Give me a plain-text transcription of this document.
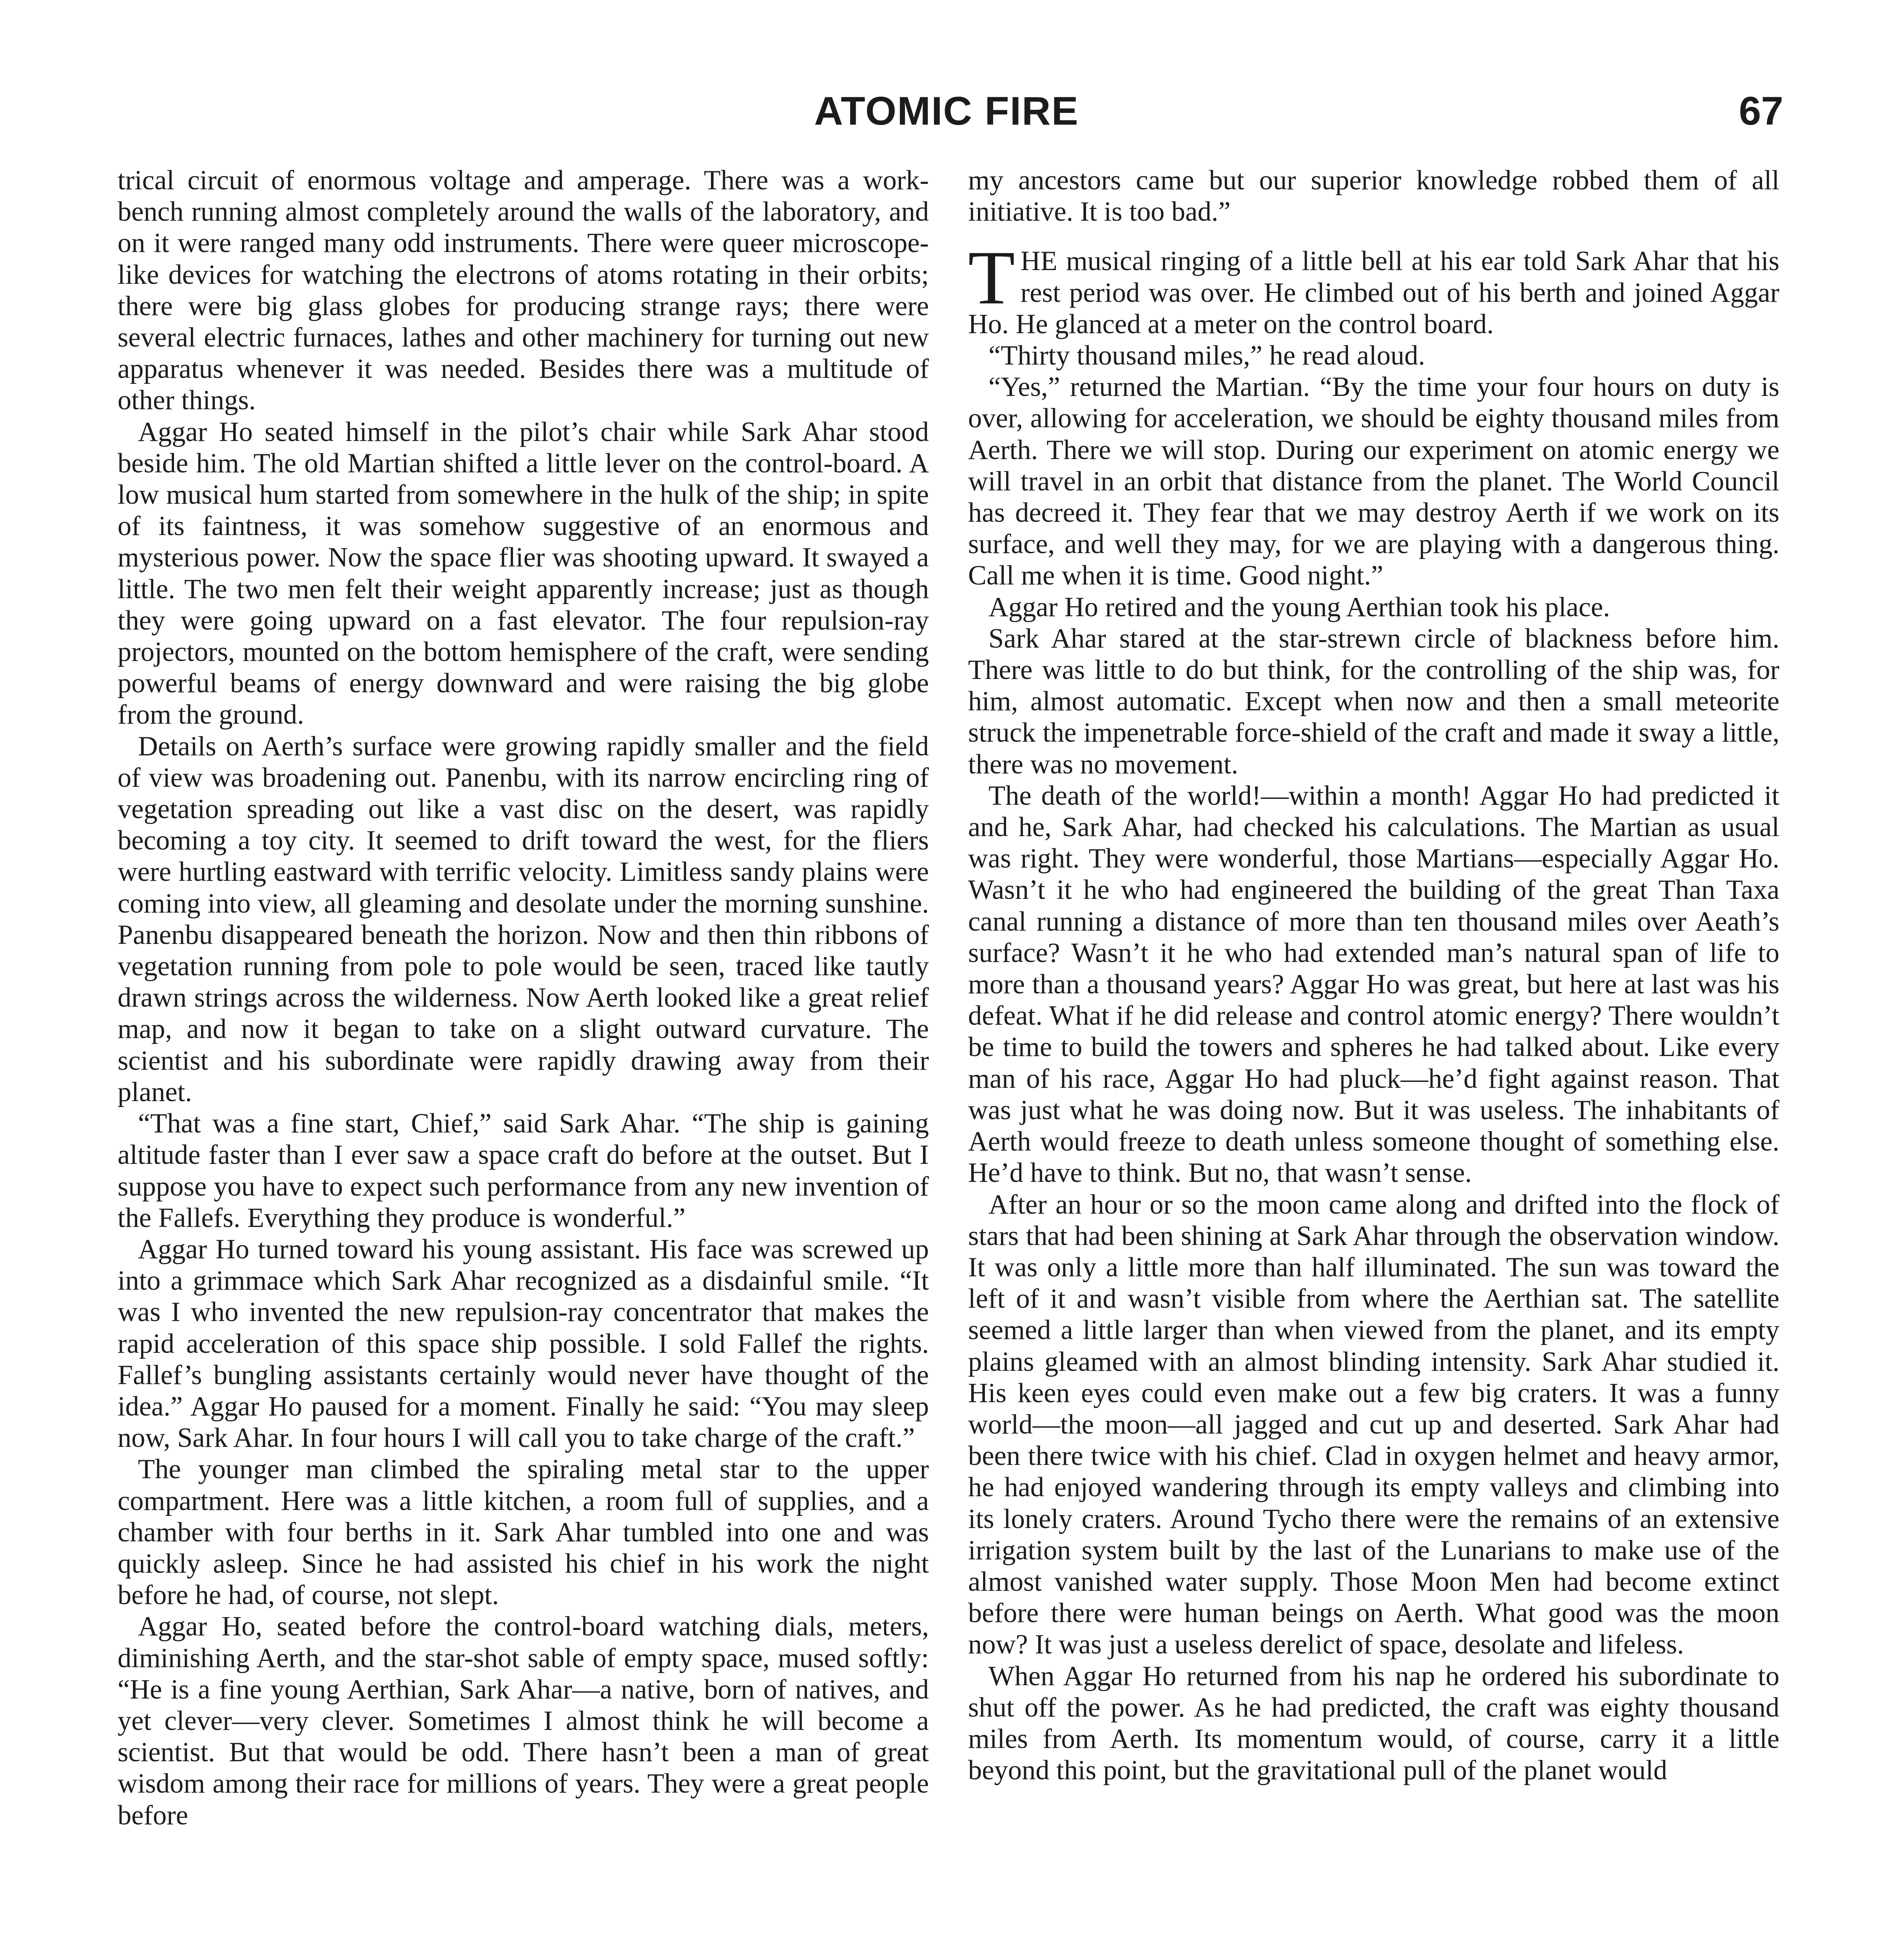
ATOMIC FIRE	67

trical circuit of enormous voltage and amperage. There was a work-bench running almost completely around the walls of the laboratory, and on it were ranged many odd instruments. There were queer microscope-like devices for watching the electrons of atoms rotating in their orbits; there were big glass globes for producing strange rays; there were several electric furnaces, lathes and other machinery for turning out new apparatus whenever it was needed. Besides there was a multitude of other things.

Aggar Ho seated himself in the pilot’s chair while Sark Ahar stood beside him. The old Martian shifted a little lever on the control-board. A low musical hum started from somewhere in the hulk of the ship; in spite of its faintness, it was somehow suggestive of an enormous and mysterious power. Now the space flier was shooting upward. It swayed a little. The two men felt their weight apparently increase; just as though they were going upward on a fast elevator. The four repulsion-ray projectors, mounted on the bottom hemisphere of the craft, were sending powerful beams of energy downward and were raising the big globe from the ground.

Details on Aerth’s surface were growing rapidly smaller and the field of view was broadening out. Panenbu, with its narrow encircling ring of vegetation spreading out like a vast disc on the desert, was rapidly becoming a toy city. It seemed to drift toward the west, for the fliers were hurtling eastward with terrific velocity. Limitless sandy plains were coming into view, all gleaming and desolate under the morning sunshine. Panenbu disappeared beneath the horizon. Now and then thin ribbons of vegetation running from pole to pole would be seen, traced like tautly drawn strings across the wilderness. Now Aerth looked like a great relief map, and now it began to take on a slight outward curvature. The scientist and his subordinate were rapidly drawing away from their planet.

“That was a fine start, Chief,” said Sark Ahar. “The ship is gaining altitude faster than I ever saw a space craft do before at the outset. But I suppose you have to expect such performance from any new invention of the Fallefs. Everything they produce is wonderful.”

Aggar Ho turned toward his young assistant. His face was screwed up into a grimmace which Sark Ahar recognized as a disdainful smile. “It was I who invented the new repulsion-ray concentrator that makes the rapid acceleration of this space ship possible. I sold Fallef the rights. Fallef’s bungling assistants certainly would never have thought of the idea.” Aggar Ho paused for a moment. Finally he said: “You may sleep now, Sark Ahar. In four hours I will call you to take charge of the craft.”

The younger man climbed the spiraling metal star to the upper compartment. Here was a little kitchen, a room full of supplies, and a chamber with four berths in it. Sark Ahar tumbled into one and was quickly asleep. Since he had assisted his chief in his work the night before he had, of course, not slept.

Aggar Ho, seated before the control-board watching dials, meters, diminishing Aerth, and the star-shot sable of empty space, mused softly: “He is a fine young Aerthian, Sark Ahar—a native, born of natives, and yet clever—very clever. Sometimes I almost think he will become a scientist. But that would be odd. There hasn’t been a man of great wisdom among their race for millions of years. They were a great people before

my ancestors came but our superior knowledge robbed them of all initiative. It is too bad.”

THE musical ringing of a little bell at his ear told Sark Ahar that his rest period was over. He climbed out of his berth and joined Aggar Ho. He glanced at a meter on the control board.

“Thirty thousand miles,” he read aloud.

“Yes,” returned the Martian. “By the time your four hours on duty is over, allowing for acceleration, we should be eighty thousand miles from Aerth. There we will stop. During our experiment on atomic energy we will travel in an orbit that distance from the planet. The World Council has decreed it. They fear that we may destroy Aerth if we work on its surface, and well they may, for we are playing with a dangerous thing. Call me when it is time. Good night.”

Aggar Ho retired and the young Aerthian took his place.

Sark Ahar stared at the star-strewn circle of blackness before him. There was little to do but think, for the controlling of the ship was, for him, almost automatic. Except when now and then a small meteorite struck the impenetrable force-shield of the craft and made it sway a little, there was no movement.

The death of the world!—within a month! Aggar Ho had predicted it and he, Sark Ahar, had checked his calculations. The Martian as usual was right. They were wonderful, those Martians—especially Aggar Ho. Wasn’t it he who had engineered the building of the great Than Taxa canal running a distance of more than ten thousand miles over Aeath’s surface? Wasn’t it he who had extended man’s natural span of life to more than a thousand years? Aggar Ho was great, but here at last was his defeat. What if he did release and control atomic energy? There wouldn’t be time to build the towers and spheres he had talked about. Like every man of his race, Aggar Ho had pluck—he’d fight against reason. That was just what he was doing now. But it was useless. The inhabitants of Aerth would freeze to death unless someone thought of something else. He’d have to think. But no, that wasn’t sense.

After an hour or so the moon came along and drifted into the flock of stars that had been shining at Sark Ahar through the observation window. It was only a little more than half illuminated. The sun was toward the left of it and wasn’t visible from where the Aerthian sat. The satellite seemed a little larger than when viewed from the planet, and its empty plains gleamed with an almost blinding intensity. Sark Ahar studied it. His keen eyes could even make out a few big craters. It was a funny world—the moon—all jagged and cut up and deserted. Sark Ahar had been there twice with his chief. Clad in oxygen helmet and heavy armor, he had enjoyed wandering through its empty valleys and climbing into its lonely craters. Around Tycho there were the remains of an extensive irrigation system built by the last of the Lunarians to make use of the almost vanished water supply. Those Moon Men had become extinct before there were human beings on Aerth. What good was the moon now? It was just a useless derelict of space, desolate and lifeless.

When Aggar Ho returned from his nap he ordered his subordinate to shut off the power. As he had predicted, the craft was eighty thousand miles from Aerth. Its momentum would, of course, carry it a little beyond this point, but the gravitational pull of the planet would
